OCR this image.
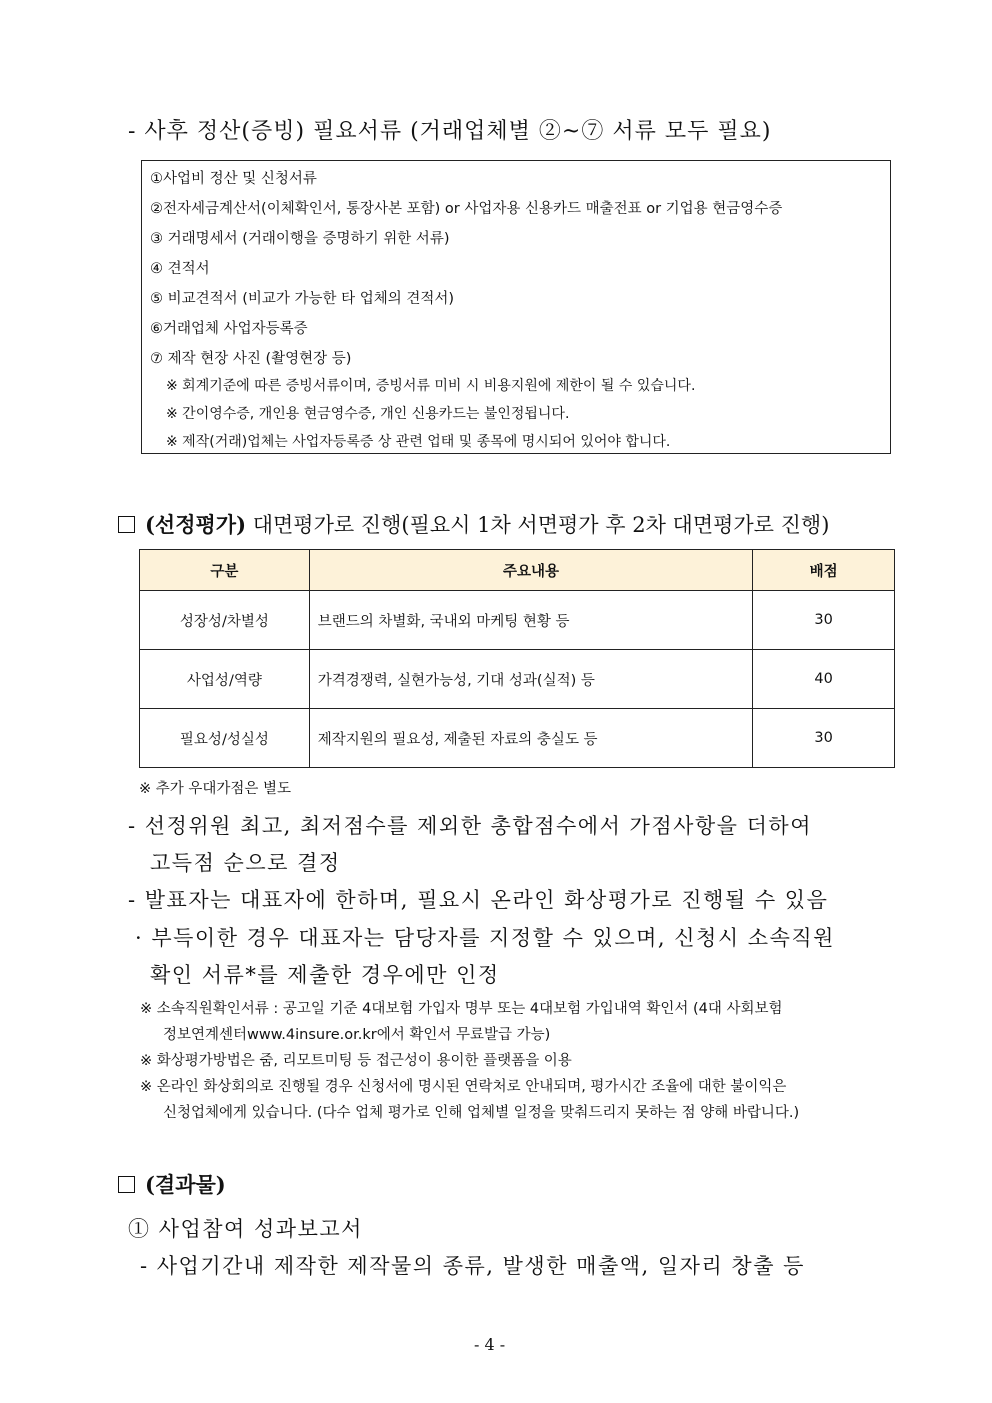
- 사후 정산(증빙) 필요서류 (거래업체별 ②~⑦ 서류 모두 필요)
①사업비 정산 및 신청서류
②전자세금계산서(이체확인서, 통장사본 포함) or 사업자용 신용카드 매출전표 or 기업용 현금영수증
③ 거래명세서 (거래이행을 증명하기 위한 서류)
④ 견적서
⑤ 비교견적서 (비교가 가능한 타 업체의 견적서)
⑥거래업체 사업자등록증
⑦ 제작 현장 사진 (촬영현장 등)
※ 회계기준에 따른 증빙서류이며, 증빙서류 미비 시 비용지원에 제한이 될 수 있습니다.
※ 간이영수증, 개인용 현금영수증, 개인 신용카드는 불인정됩니다.
※ 제작(거래)업체는 사업자등록증 상 관련 업태 및 종목에 명시되어 있어야 합니다.
(선정평가) 대면평가로 진행(필요시 1차 서면평가 후 2차 대면평가로 진행)
구분	주요내용	배점
성장성/차별성	브랜드의 차별화, 국내외 마케팅 현황 등	30
사업성/역량	가격경쟁력, 실현가능성, 기대 성과(실적) 등	40
필요성/성실성	제작지원의 필요성, 제출된 자료의 충실도 등	30
※ 추가 우대가점은 별도
- 선정위원 최고, 최저점수를 제외한 총합점수에서 가점사항을 더하여
고득점 순으로 결정
- 발표자는 대표자에 한하며, 필요시 온라인 화상평가로 진행될 수 있음
· 부득이한 경우 대표자는 담당자를 지정할 수 있으며, 신청시 소속직원
확인 서류*를 제출한 경우에만 인정
※ 소속직원확인서류 : 공고일 기준 4대보험 가입자 명부 또는 4대보험 가입내역 확인서 (4대 사회보험
정보연계센터www.4insure.or.kr에서 확인서 무료발급 가능)
※ 화상평가방법은 줌, 리모트미팅 등 접근성이 용이한 플랫폼을 이용
※ 온라인 화상회의로 진행될 경우 신청서에 명시된 연락처로 안내되며, 평가시간 조율에 대한 불이익은
신청업체에게 있습니다. (다수 업체 평가로 인해 업체별 일정을 맞춰드리지 못하는 점 양해 바랍니다.)
(결과물)
① 사업참여 성과보고서
- 사업기간내 제작한 제작물의 종류, 발생한 매출액, 일자리 창출 등
- 4 -
